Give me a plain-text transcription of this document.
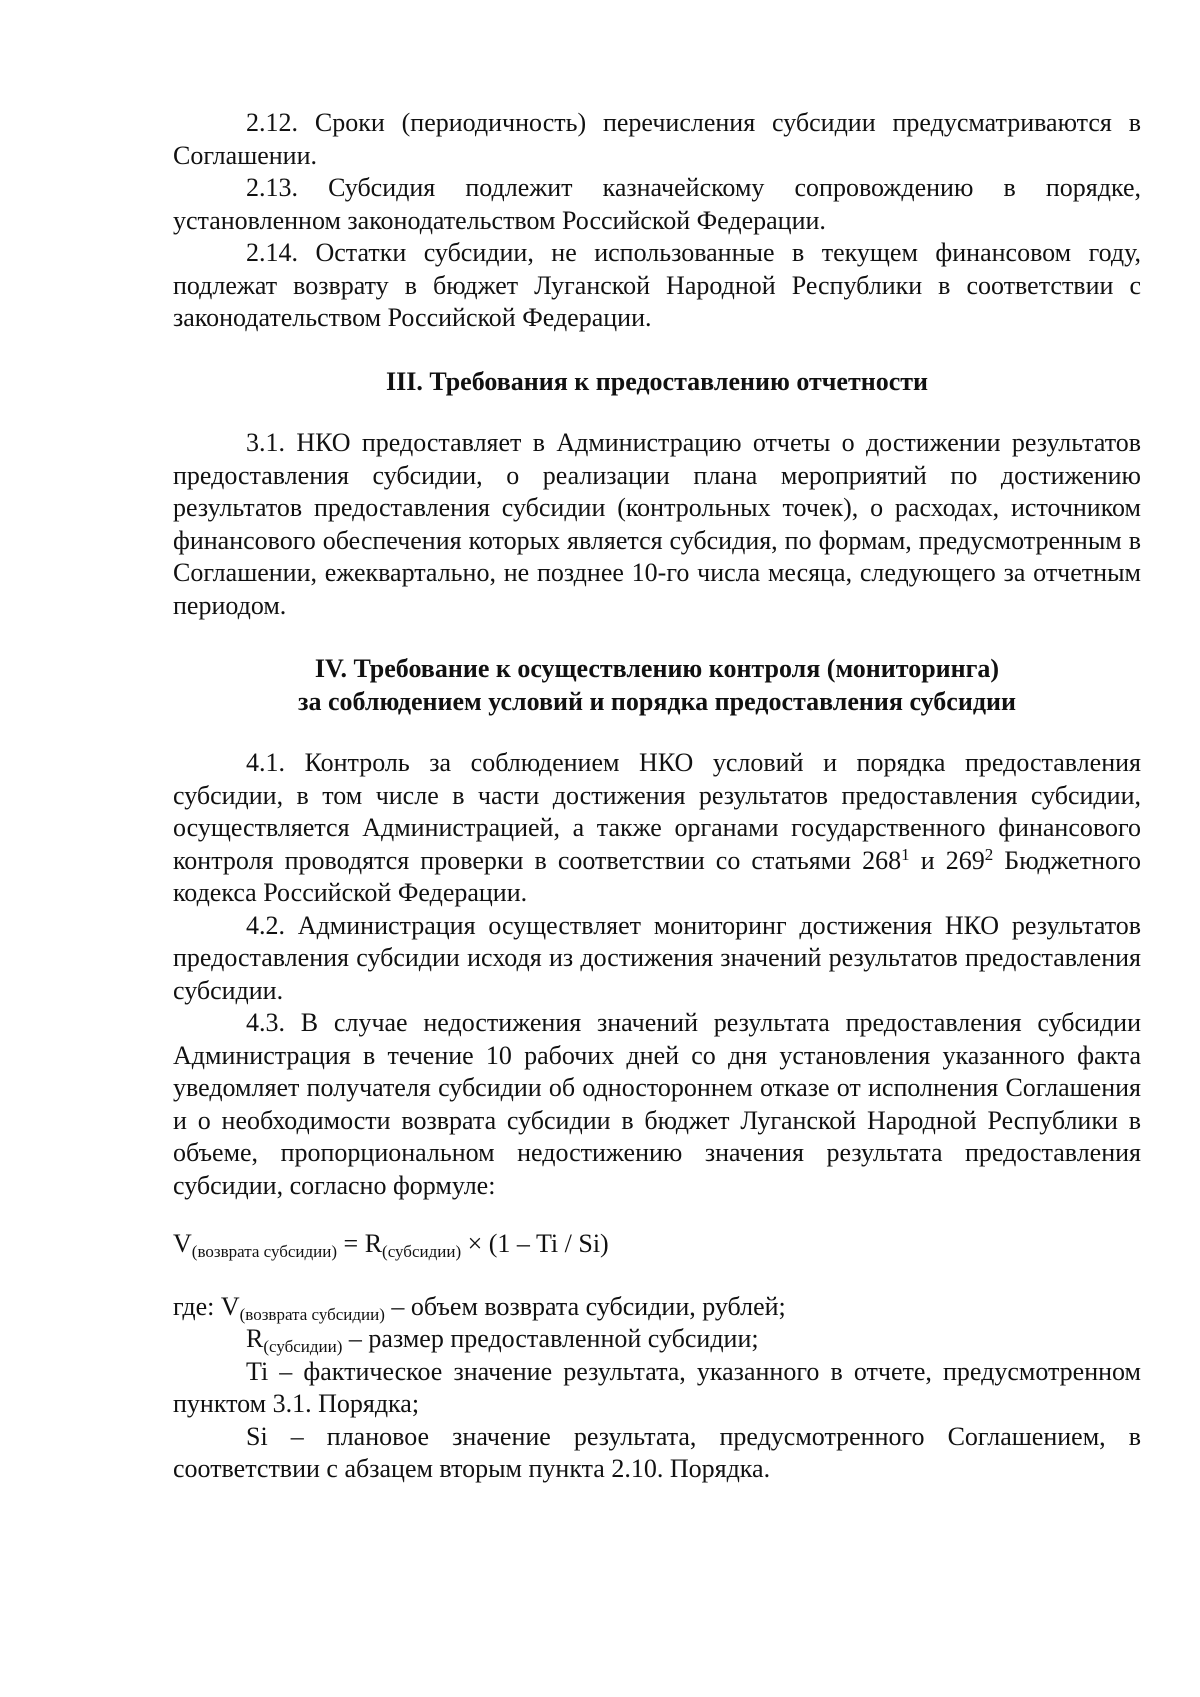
2.12. Сроки (периодичность) перечисления субсидии предусматриваются в Соглашении.

2.13. Субсидия подлежит казначейскому сопровождению в порядке, установленном законодательством Российской Федерации.

2.14. Остатки субсидии, не использованные в текущем финансовом году, подлежат возврату в бюджет Луганской Народной Республики в соответствии с законодательством Российской Федерации.

III. Требования к предоставлению отчетности

3.1. НКО предоставляет в Администрацию отчеты о достижении результатов предоставления субсидии, о реализации плана мероприятий по достижению результатов предоставления субсидии (контрольных точек), о расходах, источником финансового обеспечения которых является субсидия, по формам, предусмотренным в Соглашении, ежеквартально, не позднее 10-го числа месяца, следующего за отчетным периодом.

IV. Требование к осуществлению контроля (мониторинга)
за соблюдением условий и порядка предоставления субсидии

4.1. Контроль за соблюдением НКО условий и порядка предоставления субсидии, в том числе в части достижения результатов предоставления субсидии, осуществляется Администрацией, а также органами государственного финансового контроля проводятся проверки в соответствии со статьями $268^1$ и $269^2$ Бюджетного кодекса Российской Федерации.

4.2. Администрация осуществляет мониторинг достижения НКО результатов предоставления субсидии исходя из достижения значений результатов предоставления субсидии.

4.3. В случае недостижения значений результата предоставления субсидии Администрация в течение 10 рабочих дней со дня установления указанного факта уведомляет получателя субсидии об одностороннем отказе от исполнения Соглашения и о необходимости возврата субсидии в бюджет Луганской Народной Республики в объеме, пропорциональном недостижению значения результата предоставления субсидии, согласно формуле:

$V_{(возврата субсидии)} = R_{(субсидии)} \times (1 - Ti / Si)$

где: $V_{(возврата субсидии)}$ – объем возврата субсидии, рублей;

$R_{(субсидии)}$ – размер предоставленной субсидии;

Ti – фактическое значение результата, указанного в отчете, предусмотренном пунктом 3.1. Порядка;

Si – плановое значение результата, предусмотренного Соглашением, в соответствии с абзацем вторым пункта 2.10. Порядка.
